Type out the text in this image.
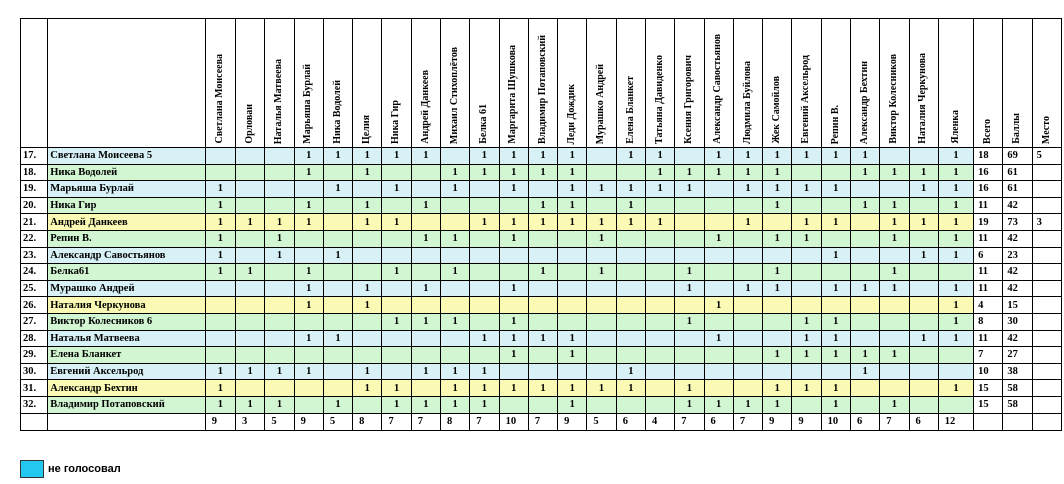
		Светлана Моисеева	Орловаи	Наталья Матвеева	Марьяша Бурлай	Ника Водолей	Целия	Ника Гир	Андрей Данкеев	Михаил Стихоплётов	Белка 61	Маргарита Шушкова	Владимир Потаповский	Леди Дождик	Мурашко Андрей	Елена Бланкет	Татьяна Давиденко	Ксения Григорович	Александр Савостьянов	Людмила Буйлова	Жек Самойлов	Евгений Аксельрод	Репин В.	Александр Бехтин	Виктор Колесников	Наталия Черкунова	Яленка	Всего	Баллы	Место
17.	Светлана Моисеева 5				1	1	1	1	1		1	1	1	1		1	1		1	1	1	1	1	1			1	18	69	5
18.	Ника Водолей				1		1			1	1	1	1	1			1	1	1	1	1			1	1	1	1	16	61	
19.	Марьяша Бурлай	1				1		1		1		1		1	1	1	1	1		1	1	1	1			1	1	16	61	
20.	Ника Гир	1			1		1		1				1	1		1					1			1	1		1	11	42	
21.	Андрей Данкеев	1	1	1	1		1	1			1	1	1	1	1	1	1			1		1	1		1	1	1	19	73	3
22.	Репин В.	1		1					1	1		1			1				1		1	1			1		1	11	42	
23.	Александр Савостьянов	1		1		1																	1			1	1	6	23	
24.	Белка61	1	1		1			1		1			1		1			1			1				1			11	42	
25.	Мурашко Андрей				1		1		1			1						1		1	1		1	1	1		1	11	42	
26.	Наталия Черкунова				1		1												1								1	4	15	
27.	Виктор Колесников 6							1	1	1		1						1				1	1				1	8	30	
28.	Наталья Матвеева				1	1					1	1	1	1					1			1	1			1	1	11	42	
29.	Елена Бланкет											1		1							1	1	1	1	1			7	27	
30.	Евгений Аксельрод	1	1	1	1		1		1	1	1					1								1				10	38	
31.	Александр Бехтин	1					1	1		1	1	1	1	1	1	1		1			1	1	1				1	15	58	
32.	Владимир Потаповский	1	1	1		1		1	1	1	1			1				1	1	1	1		1		1			15	58	
		9	3	5	9	5	8	7	7	8	7	10	7	9	5	6	4	7	6	7	9	9	10	6	7	6	12			
не голосовал
